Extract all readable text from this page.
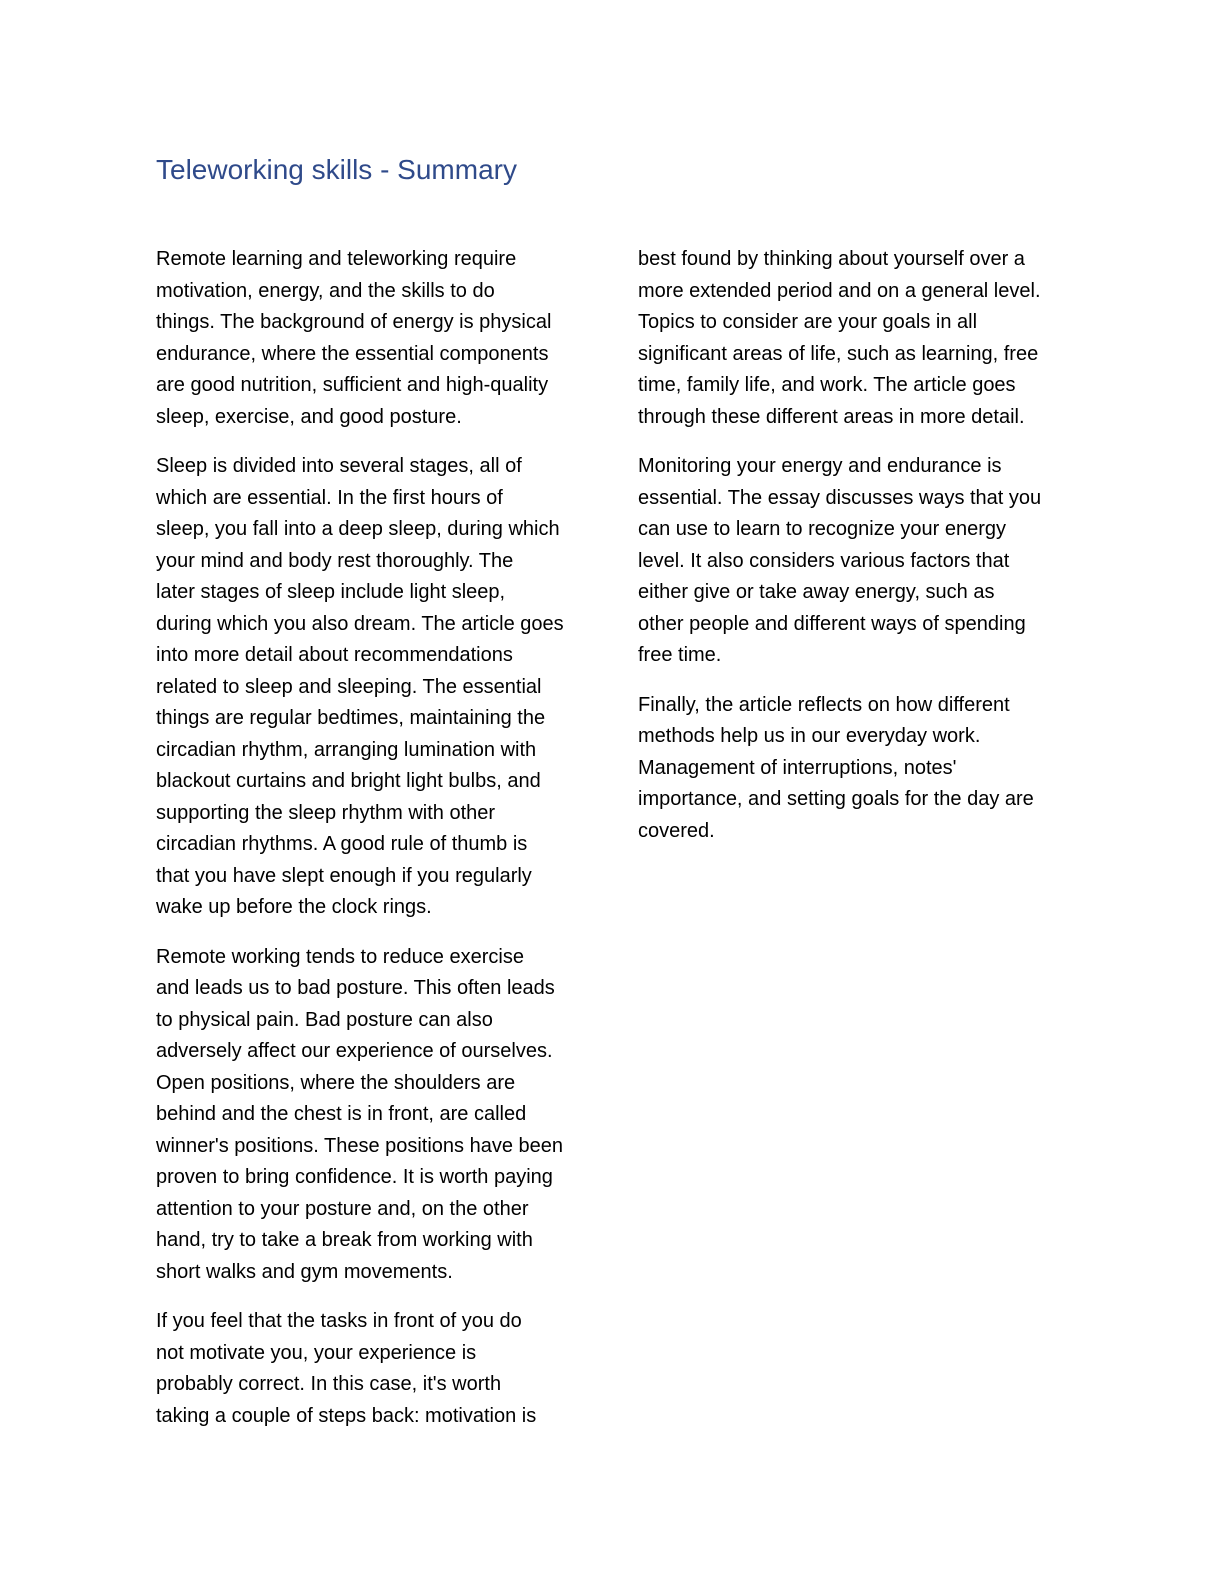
Teleworking skills - Summary

Remote learning and teleworking require
motivation, energy, and the skills to do
things. The background of energy is physical
endurance, where the essential components
are good nutrition, sufficient and high-quality
sleep, exercise, and good posture.

Sleep is divided into several stages, all of
which are essential. In the first hours of
sleep, you fall into a deep sleep, during which
your mind and body rest thoroughly. The
later stages of sleep include light sleep,
during which you also dream. The article goes
into more detail about recommendations
related to sleep and sleeping. The essential
things are regular bedtimes, maintaining the
circadian rhythm, arranging lumination with
blackout curtains and bright light bulbs, and
supporting the sleep rhythm with other
circadian rhythms. A good rule of thumb is
that you have slept enough if you regularly
wake up before the clock rings.

Remote working tends to reduce exercise
and leads us to bad posture. This often leads
to physical pain. Bad posture can also
adversely affect our experience of ourselves.
Open positions, where the shoulders are
behind and the chest is in front, are called
winner's positions. These positions have been
proven to bring confidence. It is worth paying
attention to your posture and, on the other
hand, try to take a break from working with
short walks and gym movements.

If you feel that the tasks in front of you do
not motivate you, your experience is
probably correct. In this case, it's worth
taking a couple of steps back: motivation is

best found by thinking about yourself over a
more extended period and on a general level.
Topics to consider are your goals in all
significant areas of life, such as learning, free
time, family life, and work. The article goes
through these different areas in more detail.

Monitoring your energy and endurance is
essential. The essay discusses ways that you
can use to learn to recognize your energy
level. It also considers various factors that
either give or take away energy, such as
other people and different ways of spending
free time.

Finally, the article reflects on how different
methods help us in our everyday work.
Management of interruptions, notes'
importance, and setting goals for the day are
covered.
